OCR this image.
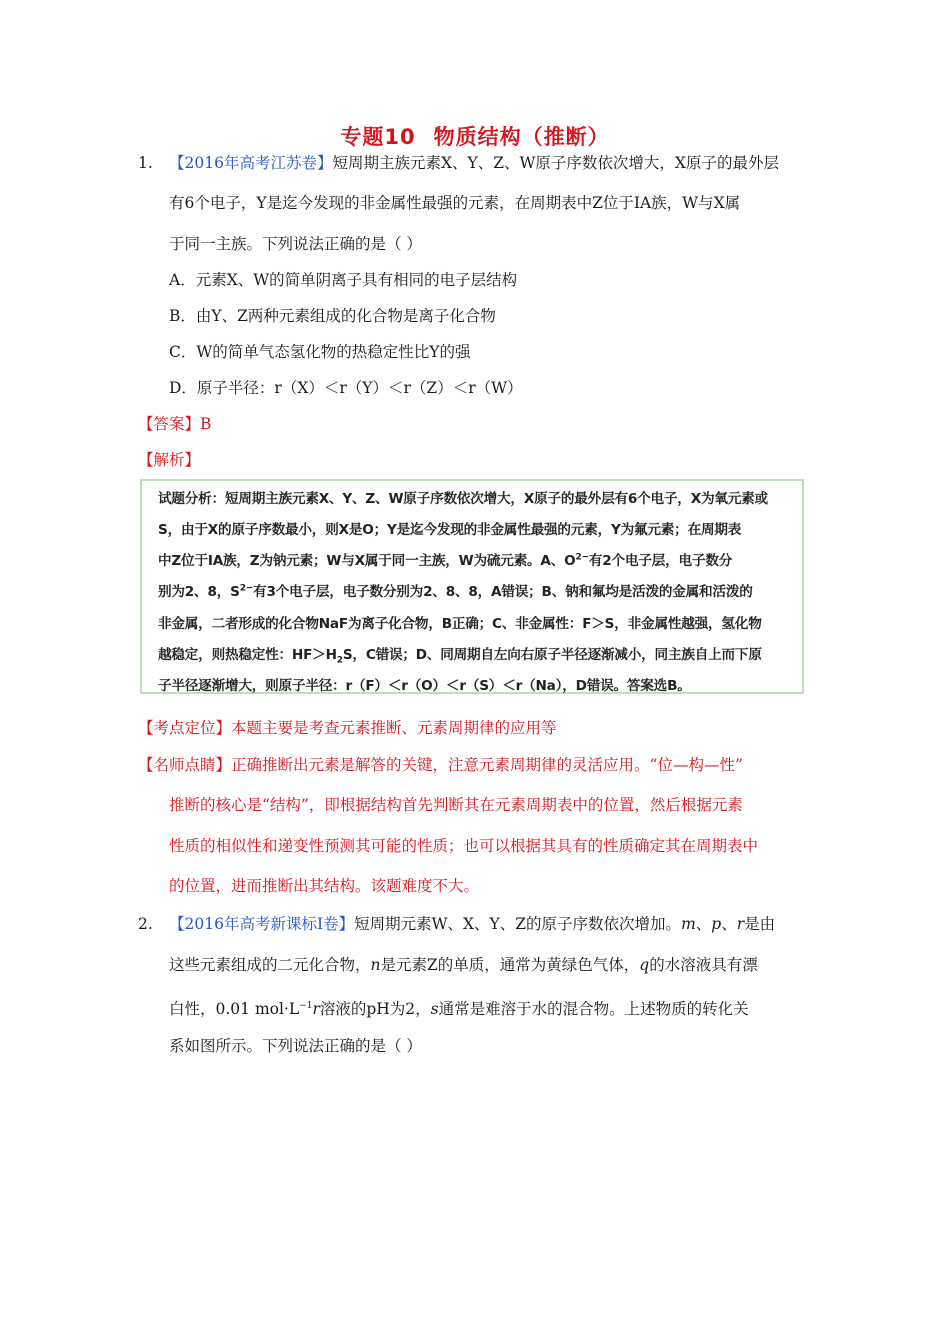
专题10 物质结构（推断）
1. 【2016年高考江苏卷】短周期主族元素X、Y、Z、W原子序数依次增大，X原子的最外层
有6个电子，Y是迄今发现的非金属性最强的元素，在周期表中Z位于IA族，W与X属
于同一主族。下列说法正确的是（ ）
A．元素X、W的简单阴离子具有相同的电子层结构
B．由Y、Z两种元素组成的化合物是离子化合物
C．W的简单气态氢化物的热稳定性比Y的强
D．原子半径：r（X）＜r（Y）＜r（Z）＜r（W）
【答案】B
【解析】
试题分析：短周期主族元素X、Y、Z、W原子序数依次增大，X原子的最外层有6个电子，X为氧元素或
S，由于X的原子序数最小，则X是O；Y是迄今发现的非金属性最强的元素，Y为氟元素；在周期表
中Z位于IA族，Z为钠元素；W与X属于同一主族，W为硫元素。A、$O^{2-}$有2个电子层，电子数分
别为2、8，$S^{2-}$有3个电子层，电子数分别为2、8、8，A错误；B、钠和氟均是活泼的金属和活泼的
非金属，二者形成的化合物NaF为离子化合物，B正确；C、非金属性：F＞S，非金属性越强，氢化物
越稳定，则热稳定性：$HF>H_2S$，C错误；D、同周期自左向右原子半径逐渐减小，同主族自上而下原
子半径逐渐增大，则原子半径：r（F）＜r（O）＜r（S）＜r（Na），D错误。答案选B。
【考点定位】本题主要是考查元素推断、元素周期律的应用等
【名师点睛】正确推断出元素是解答的关键，注意元素周期律的灵活应用。“位—构—性”
推断的核心是“结构”，即根据结构首先判断其在元素周期表中的位置，然后根据元素
性质的相似性和递变性预测其可能的性质；也可以根据其具有的性质确定其在周期表中
的位置，进而推断出其结构。该题难度不大。
2. 【2016年高考新课标Ⅰ卷】短周期元素W、X、Y、Z的原子序数依次增加。m、p、r是由
这些元素组成的二元化合物，n是元素Z的单质，通常为黄绿色气体，q的水溶液具有漂
白性，0.01 $mol\cdot L^{-1}r$溶液的pH为2，s通常是难溶于水的混合物。上述物质的转化关
系如图所示。下列说法正确的是（ ）
